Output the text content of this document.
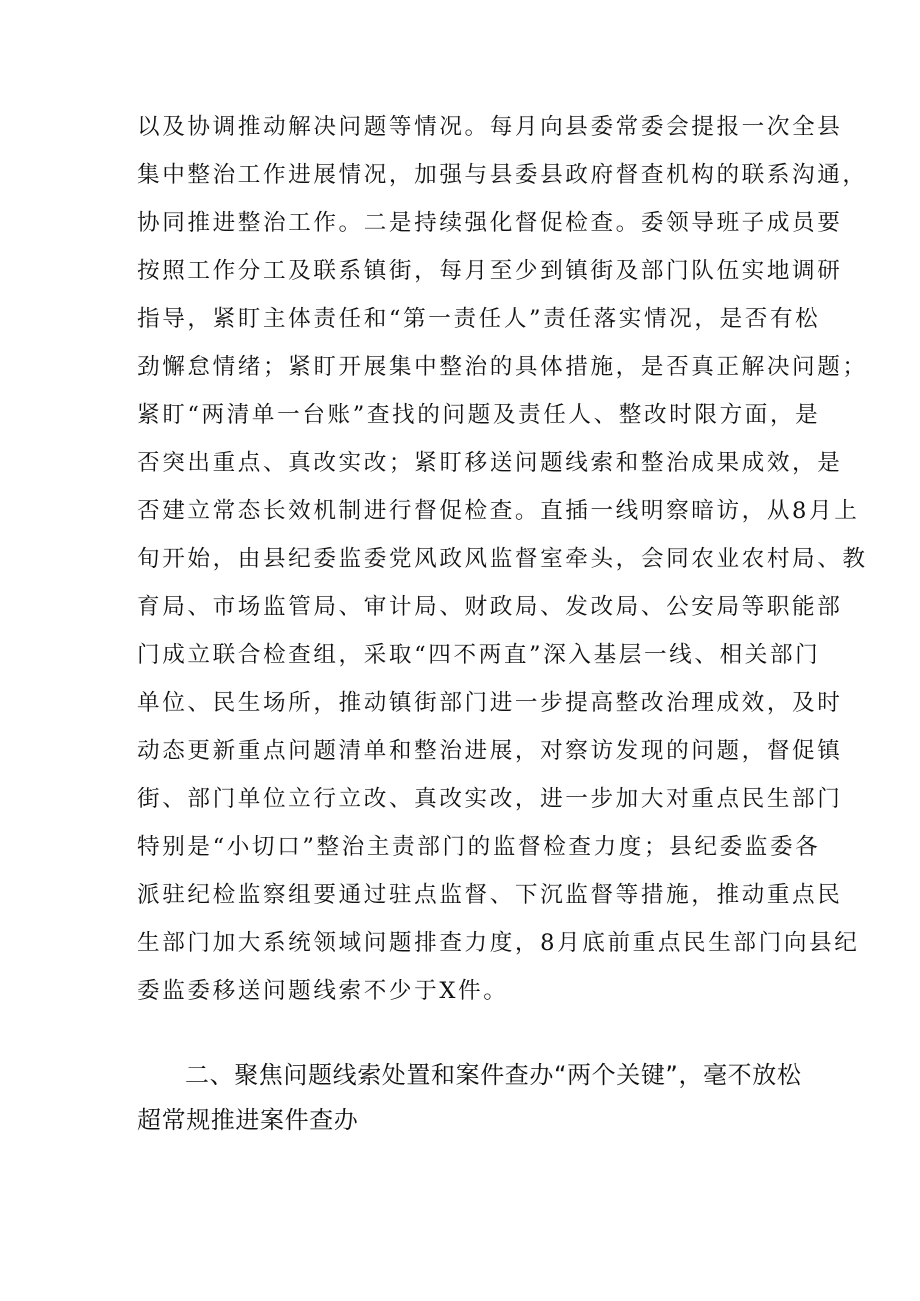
以及协调推动解决问题等情况。每月向县委常委会提报一次全县
集中整治工作进展情况，加强与县委县政府督查机构的联系沟通，
协同推进整治工作。二是持续强化督促检查。委领导班子成员要
按照工作分工及联系镇街，每月至少到镇街及部门队伍实地调研
指导，紧盯主体责任和“第一责任人”责任落实情况，是否有松
劲懈怠情绪；紧盯开展集中整治的具体措施，是否真正解决问题；
紧盯“两清单一台账”查找的问题及责任人、整改时限方面，是
否突出重点、真改实改；紧盯移送问题线索和整治成果成效，是
否建立常态长效机制进行督促检查。直插一线明察暗访，从8月上
旬开始，由县纪委监委党风政风监督室牵头，会同农业农村局、教
育局、市场监管局、审计局、财政局、发改局、公安局等职能部
门成立联合检查组，采取“四不两直”深入基层一线、相关部门
单位、民生场所，推动镇街部门进一步提高整改治理成效，及时
动态更新重点问题清单和整治进展，对察访发现的问题，督促镇
街、部门单位立行立改、真改实改，进一步加大对重点民生部门
特别是“小切口”整治主责部门的监督检查力度；县纪委监委各
派驻纪检监察组要通过驻点监督、下沉监督等措施，推动重点民
生部门加大系统领域问题排查力度，8月底前重点民生部门向县纪
委监委移送问题线索不少于X件。
二、聚焦问题线索处置和案件查办“两个关键”，毫不放松
超常规推进案件查办
